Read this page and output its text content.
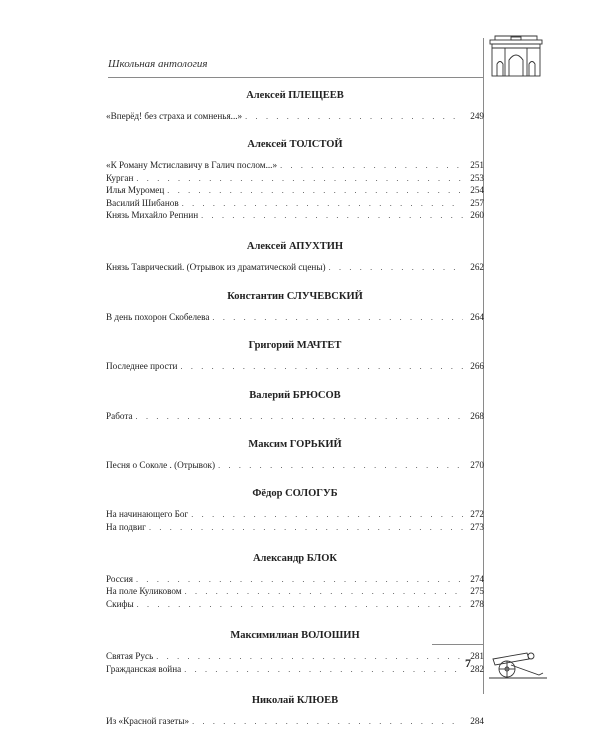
Школьная антология
Алексей ПЛЕЩЕЕВ
«Вперёд! без страха и сомненья...» . . .	249
Алексей ТОЛСТОЙ
«К Роману Мстиславичу в Галич послом...» . . .	251
Курган . . .	253
Илья Муромец . . .	254
Василий Шибанов . . .	257
Князь Михайло Репнин . . .	260
Алексей АПУХТИН
Князь Таврический. (Отрывок из драматической сцены) . . .	262
Константин СЛУЧЕВСКИЙ
В день похорон Скобелева . . .	264
Григорий МАЧТЕТ
Последнее прости . . .	266
Валерий БРЮСОВ
Работа . . .	268
Максим ГОРЬКИЙ
Песня о Соколе . (Отрывок) . . .	270
Фёдор СОЛОГУБ
На начинающего Бог . . .	272
На подвиг . . .	273
Александр БЛОК
Россия . . .	274
На поле Куликовом . . .	275
Скифы . . .	278
Максимилиан ВОЛОШИН
Святая Русь . . .	281
Гражданская война . . .	282
Николай КЛЮЕВ
Из «Красной газеты» . . .	284
7
